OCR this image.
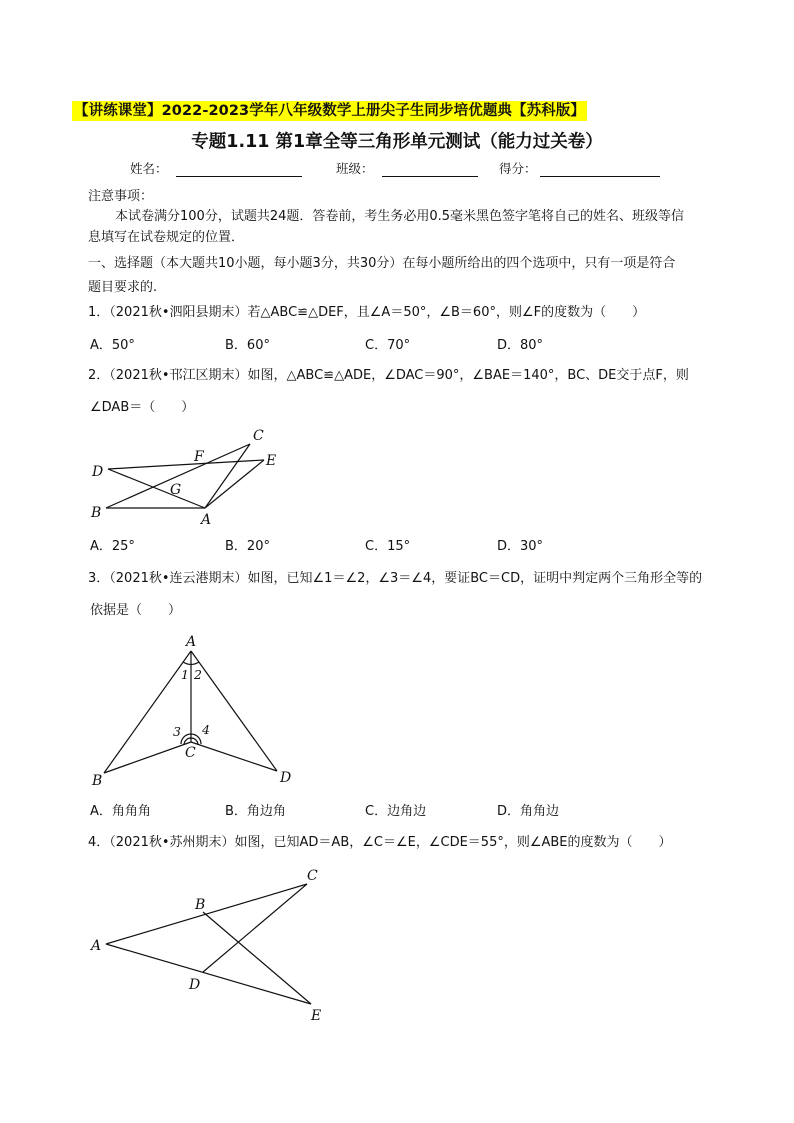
【讲练课堂】2022-2023学年八年级数学上册尖子生同步培优题典【苏科版】
专题1.11 第1章全等三角形单元测试（能力过关卷）
姓名：	班级：	得分：
注意事项：
本试卷满分100分，试题共24题．答卷前，考生务必用0.5毫米黑色签字笔将自己的姓名、班级等信
息填写在试卷规定的位置．
一、选择题（本大题共10小题，每小题3分，共30分）在每小题所给出的四个选项中，只有一项是符合
题目要求的.
1．（2021秋•泗阳县期末）若△ABC≌△DEF，且∠A＝50°，∠B＝60°，则∠F的度数为（　　）
A．50°	B．60°	C．70°	D．80°
2．（2021秋•邗江区期末）如图，△ABC≌△ADE，∠DAC＝90°，∠BAE＝140°，BC、DE交于点F，则
∠DAB＝（　　）
C
D
F	E
G
B	A
A．25°	B．20°	C．15°	D．30°
3．（2021秋•连云港期末）如图，已知∠1＝∠2，∠3＝∠4，要证BC＝CD，证明中判定两个三角形全等的
依据是（　　）
A
1 2
3 4
C
B	D
A．角角角	B．角边角	C．边角边	D．角角边
4．（2021秋•苏州期末）如图，已知AD＝AB，∠C＝∠E，∠CDE＝55°，则∠ABE的度数为（　　）
C
B
A
D
E
